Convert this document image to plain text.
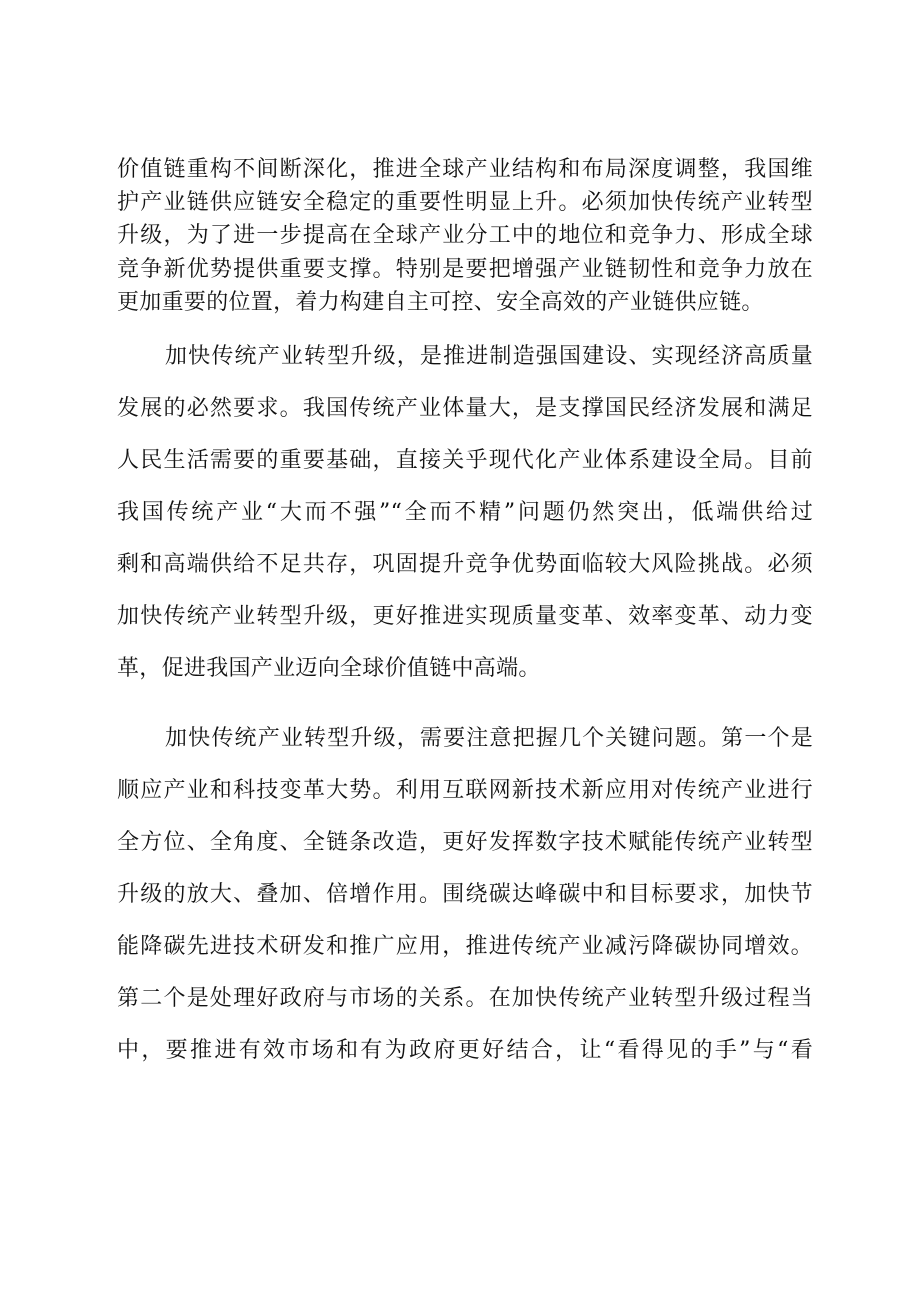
价值链重构不间断深化，推进全球产业结构和布局深度调整，我国维
护产业链供应链安全稳定的重要性明显上升。必须加快传统产业转型
升级，为了进一步提高在全球产业分工中的地位和竞争力、形成全球
竞争新优势提供重要支撑。特别是要把增强产业链韧性和竞争力放在
更加重要的位置，着力构建自主可控、安全高效的产业链供应链。
加快传统产业转型升级，是推进制造强国建设、实现经济高质量
发展的必然要求。我国传统产业体量大，是支撑国民经济发展和满足
人民生活需要的重要基础，直接关乎现代化产业体系建设全局。目前
我国传统产业“大而不强”“全而不精”问题仍然突出，低端供给过
剩和高端供给不足共存，巩固提升竞争优势面临较大风险挑战。必须
加快传统产业转型升级，更好推进实现质量变革、效率变革、动力变
革，促进我国产业迈向全球价值链中高端。
加快传统产业转型升级，需要注意把握几个关键问题。第一个是
顺应产业和科技变革大势。利用互联网新技术新应用对传统产业进行
全方位、全角度、全链条改造，更好发挥数字技术赋能传统产业转型
升级的放大、叠加、倍增作用。围绕碳达峰碳中和目标要求，加快节
能降碳先进技术研发和推广应用，推进传统产业减污降碳协同增效。
第二个是处理好政府与市场的关系。在加快传统产业转型升级过程当
中，要推进有效市场和有为政府更好结合，让“看得见的手”与“看
